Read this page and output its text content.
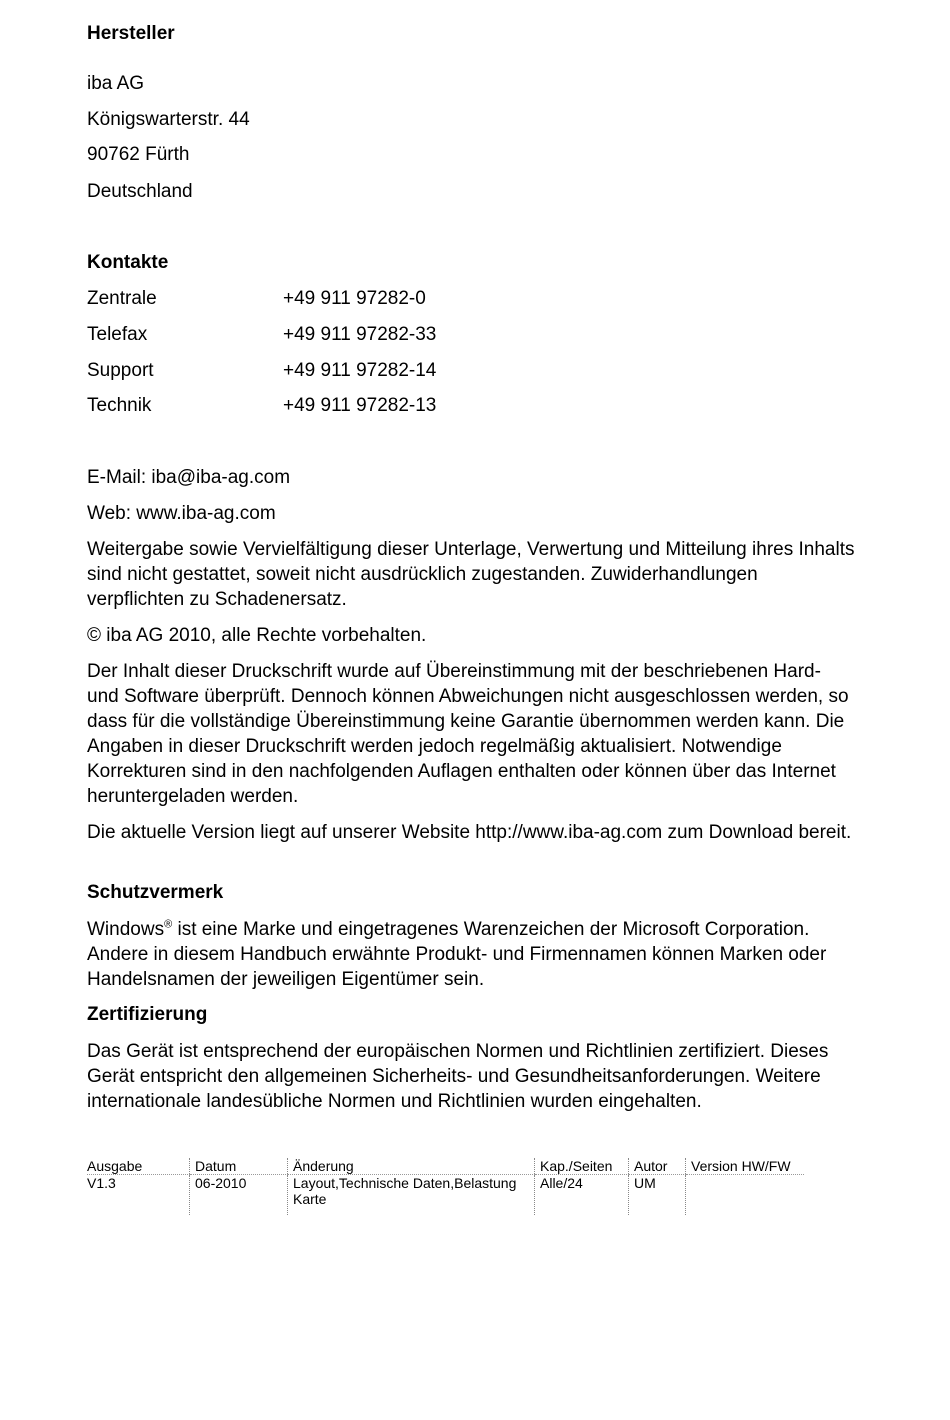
Hersteller
iba AG
Königswarterstr. 44
90762 Fürth
Deutschland
Kontakte
Zentrale	+49 911 97282-0
Telefax	+49 911 97282-33
Support	+49 911 97282-14
Technik	+49 911 97282-13
E-Mail: iba@iba-ag.com
Web: www.iba-ag.com
Weitergabe sowie Vervielfältigung dieser Unterlage, Verwertung und Mitteilung ihres Inhalts sind nicht gestattet, soweit nicht ausdrücklich zugestanden. Zuwiderhandlungen verpflichten zu Schadenersatz.
© iba AG 2010, alle Rechte vorbehalten.
Der Inhalt dieser Druckschrift wurde auf Übereinstimmung mit der beschriebenen Hard- und Software überprüft. Dennoch können Abweichungen nicht ausgeschlossen werden, so dass für die vollständige Übereinstimmung keine Garantie übernommen werden kann. Die Angaben in dieser Druckschrift werden jedoch regelmäßig aktualisiert. Notwendige Korrekturen sind in den nachfolgenden Auflagen enthalten oder können über das Internet heruntergeladen werden.
Die aktuelle Version liegt auf unserer Website http://www.iba-ag.com zum Download bereit.
Schutzvermerk
Windows® ist eine Marke und eingetragenes Warenzeichen der Microsoft Corporation. Andere in diesem Handbuch erwähnte Produkt- und Firmennamen können Marken oder Handelsnamen der jeweiligen Eigentümer sein.
Zertifizierung
Das Gerät ist entsprechend der europäischen Normen und Richtlinien zertifiziert. Dieses Gerät entspricht den allgemeinen Sicherheits- und Gesundheitsanforderungen. Weitere internationale landesübliche Normen und Richtlinien wurden eingehalten.
Ausgabe	Datum	Änderung	Kap./Seiten	Autor	Version HW/FW
V1.3	06-2010	Layout,Technische Daten,Belastung Karte	Alle/24	UM	
